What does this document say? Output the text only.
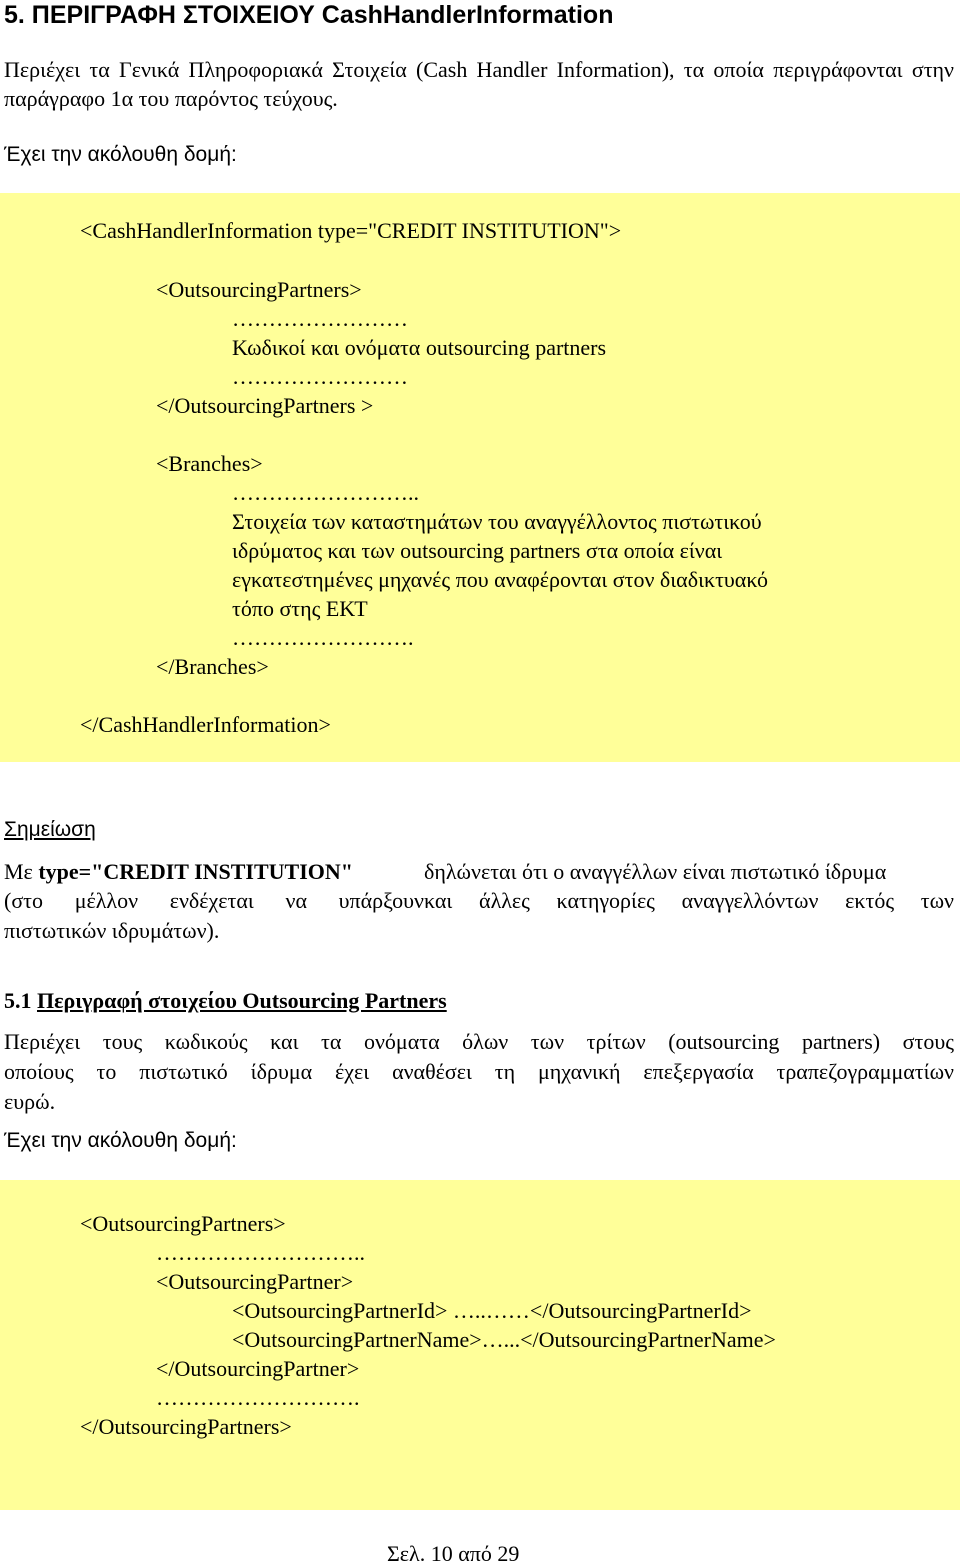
5. ΠΕΡΙΓΡΑΦΗ ΣΤΟΙΧΕΙΟΥ CashHandlerInformation
Περιέχει τα Γενικά Πληροφοριακά Στοιχεία (Cash Handler Information), τα οποία περιγράφονται στην παράγραφο 1α του παρόντος τεύχους.
Έχει την ακόλουθη δομή:
<CashHandlerInformation type="CREDIT INSTITUTION">
<OutsourcingPartners>
……………………
Κωδικοί και ονόματα outsourcing partners
……………………
</OutsourcingPartners >
<Branches>
……………………..
Στοιχεία των καταστημάτων του αναγγέλλοντος πιστωτικού
ιδρύματος και των outsourcing partners στα οποία είναι
εγκατεστημένες μηχανές που αναφέρονται στον διαδικτυακό
τόπο στης ΕΚΤ
…………………….
</Branches>
</CashHandlerInformation>
Σημείωση
Με type="CREDIT INSTITUTION"	δηλώνεται ότι ο αναγγέλλων είναι πιστωτικό ίδρυμα
(στο μέλλον ενδέχεται να υπάρξουν και άλλες κατηγορίες αναγγελλόντων εκτός των
πιστωτικών ιδρυμάτων).
5.1 Περιγραφή στοιχείου Outsourcing Partners
Περιέχει τους κωδικούς και τα ονόματα όλων των τρίτων (outsourcing partners) στους
οποίους το πιστωτικό ίδρυμα έχει αναθέσει τη μηχανική επεξεργασία τραπεζογραμματίων
ευρώ.
Έχει την ακόλουθη δομή:
<OutsourcingPartners>
………………………..
<OutsourcingPartner>
<OutsourcingPartnerId> …..……</OutsourcingPartnerId>
<OutsourcingPartnerName>…...</OutsourcingPartnerName>
</OutsourcingPartner>
……………………….
</OutsourcingPartners>
Σελ. 10 από 29
